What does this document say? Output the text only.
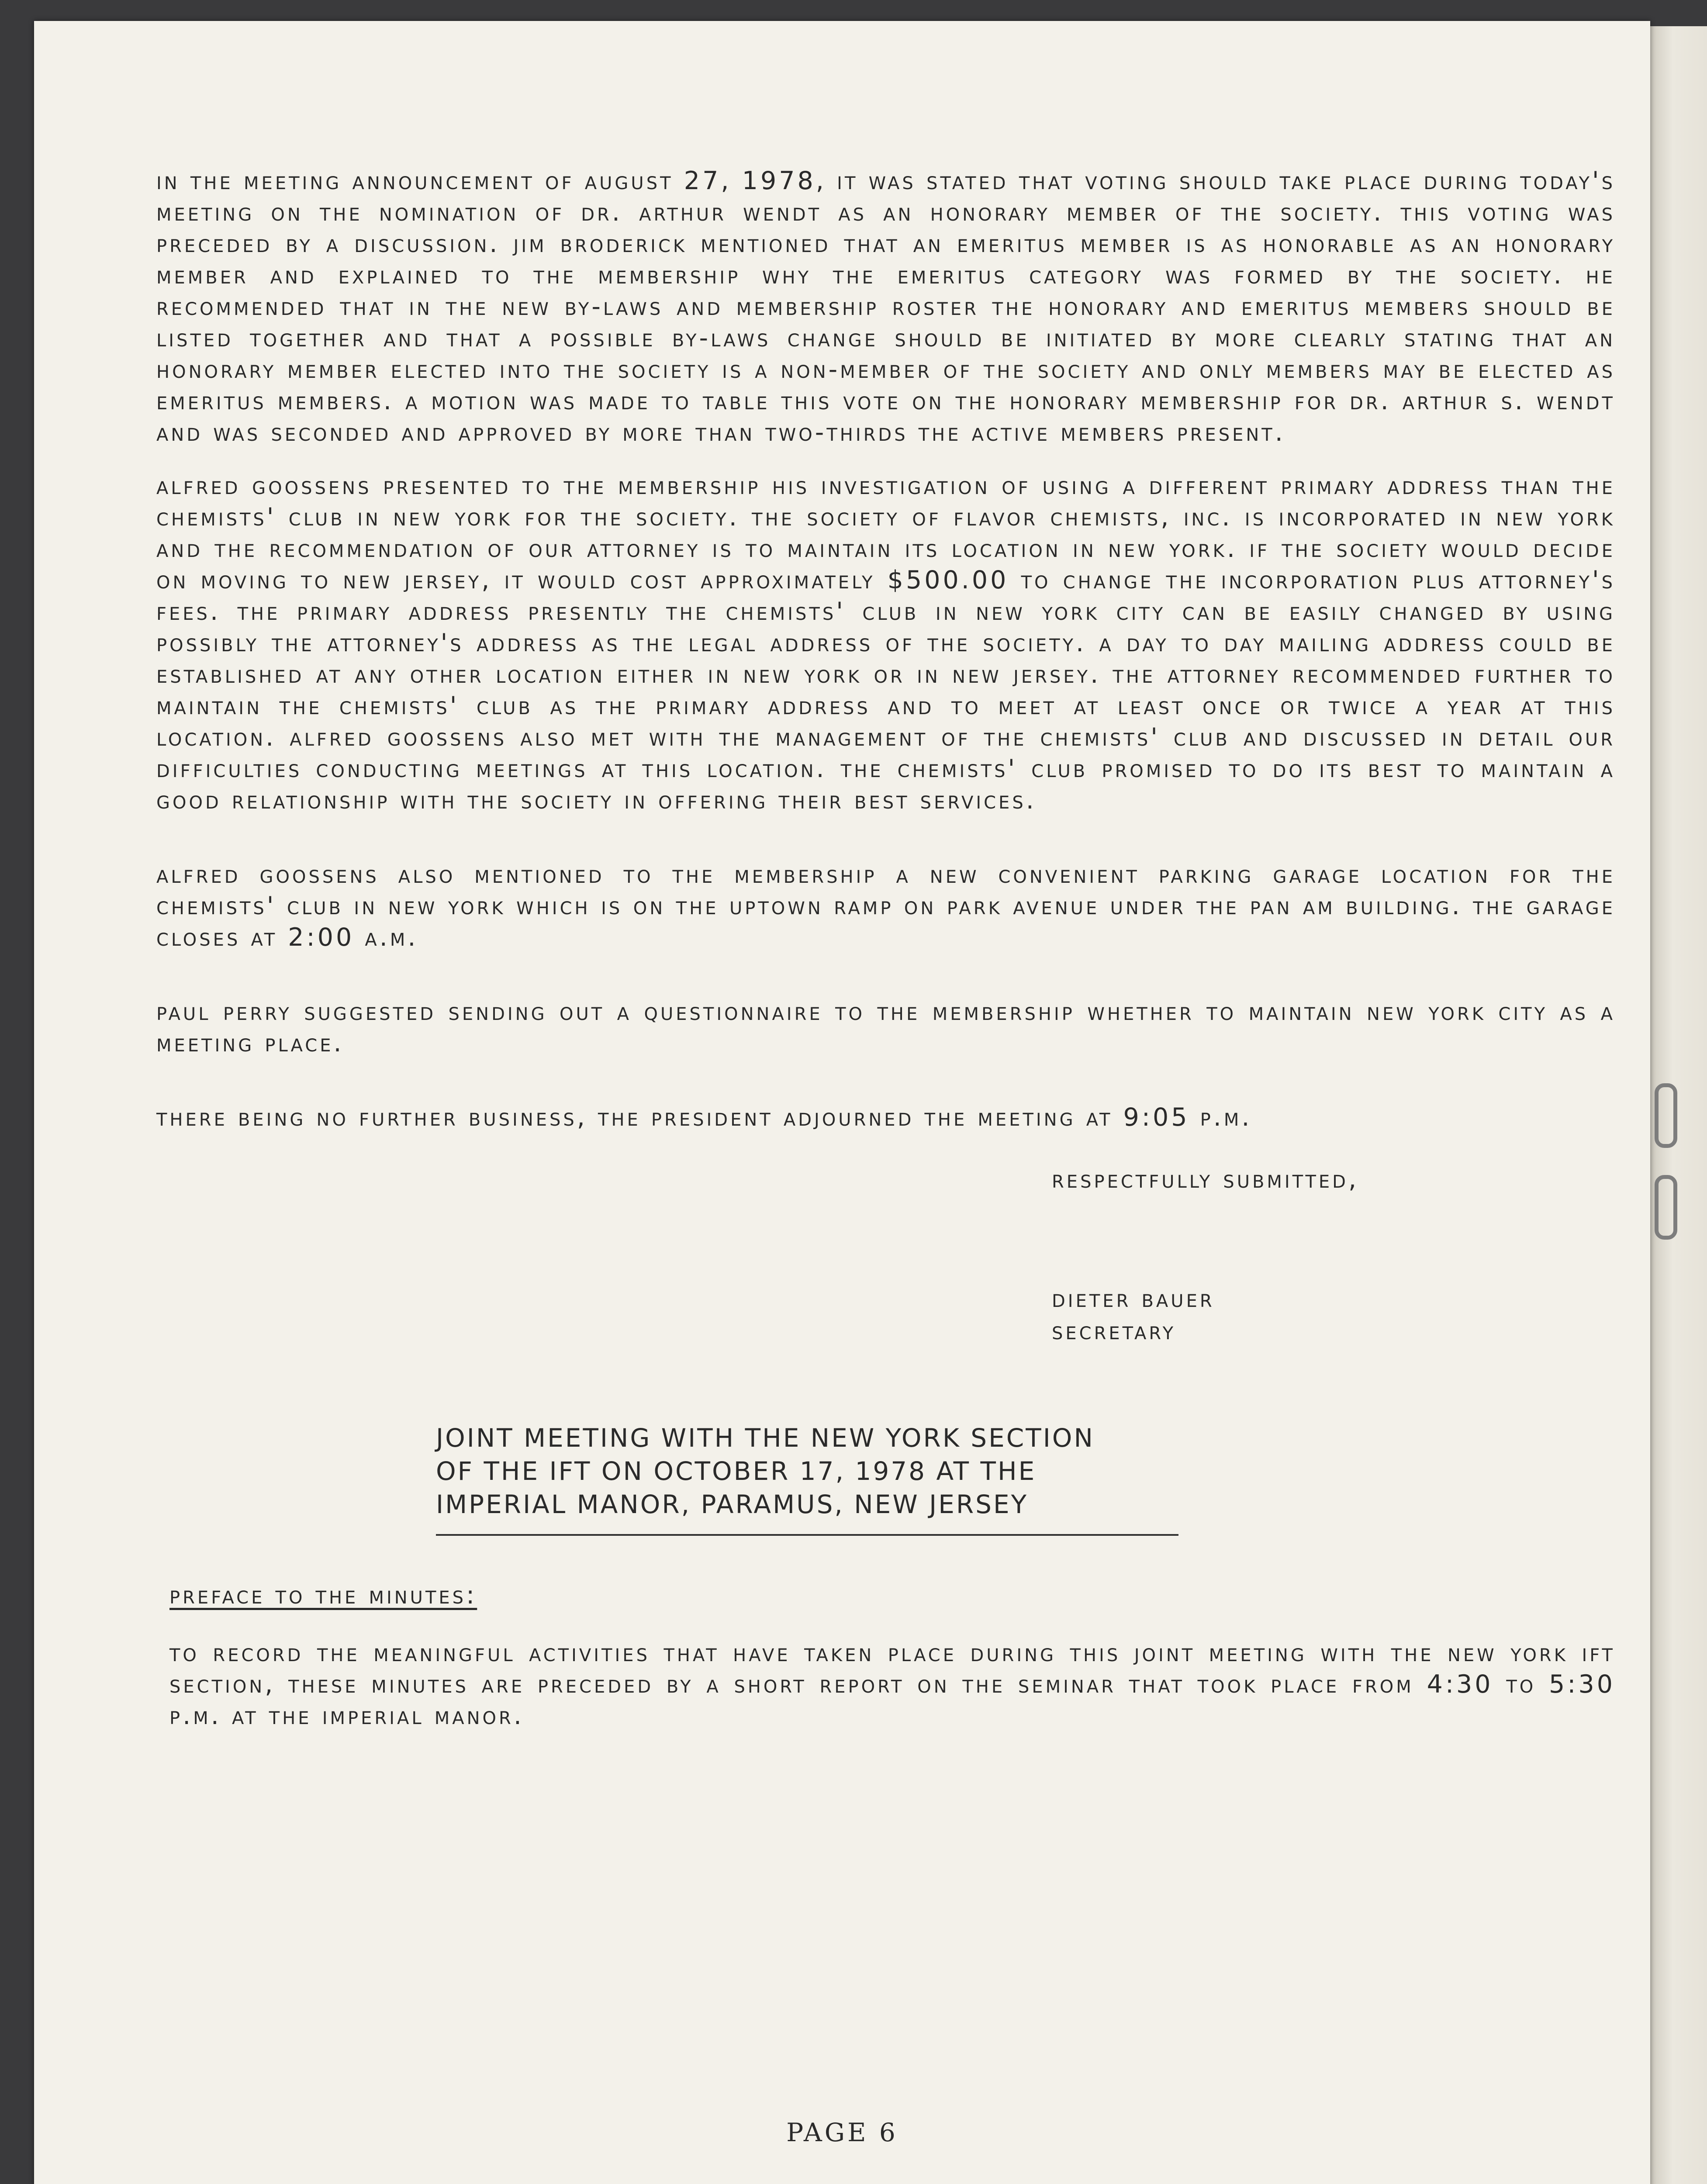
in the meeting announcement of august 27, 1978, it was stated that voting should take place during today's meeting on the nomination of dr. arthur wendt as an honorary member of the society. this voting was preceded by a discussion. jim broderick mentioned that an emeritus member is as honorable as an honorary member and explained to the membership why the emeritus category was formed by the society. he recommended that in the new by-laws and membership roster the honorary and emeritus members should be listed together and that a possible by-laws change should be initiated by more clearly stating that an honorary member elected into the society is a non-member of the society and only members may be elected as emeritus members. a motion was made to table this vote on the honorary membership for dr. arthur s. wendt and was seconded and approved by more than two-thirds the active members present.

alfred goossens presented to the membership his investigation of using a different primary address than the chemists' club in new york for the society. the society of flavor chemists, inc. is incorporated in new york and the recommendation of our attorney is to maintain its location in new york. if the society would decide on moving to new jersey, it would cost approximately $500.00 to change the incorporation plus attorney's fees. the primary address presently the chemists' club in new york city can be easily changed by using possibly the attorney's address as the legal address of the society. a day to day mailing address could be established at any other location either in new york or in new jersey. the attorney recommended further to maintain the chemists' club as the primary address and to meet at least once or twice a year at this location. alfred goossens also met with the management of the chemists' club and discussed in detail our difficulties conducting meetings at this location. the chemists' club promised to do its best to maintain a good relationship with the society in offering their best services.

alfred goossens also mentioned to the membership a new convenient parking garage location for the chemists' club in new york which is on the uptown ramp on park avenue under the pan am building. the garage closes at 2:00 a.m.

paul perry suggested sending out a questionnaire to the membership whether to maintain new york city as a meeting place.

there being no further business, the president adjourned the meeting at 9:05 p.m.

respectfully submitted,
dieter bauer
secretary
JOINT MEETING WITH THE NEW YORK SECTION
OF THE IFT ON OCTOBER 17, 1978 AT THE
IMPERIAL MANOR, PARAMUS, NEW JERSEY
preface to the minutes:

to record the meaningful activities that have taken place during this joint meeting with the new york ift section, these minutes are preceded by a short report on the seminar that took place from 4:30 to 5:30 p.m. at the imperial manor.

PAGE 6
